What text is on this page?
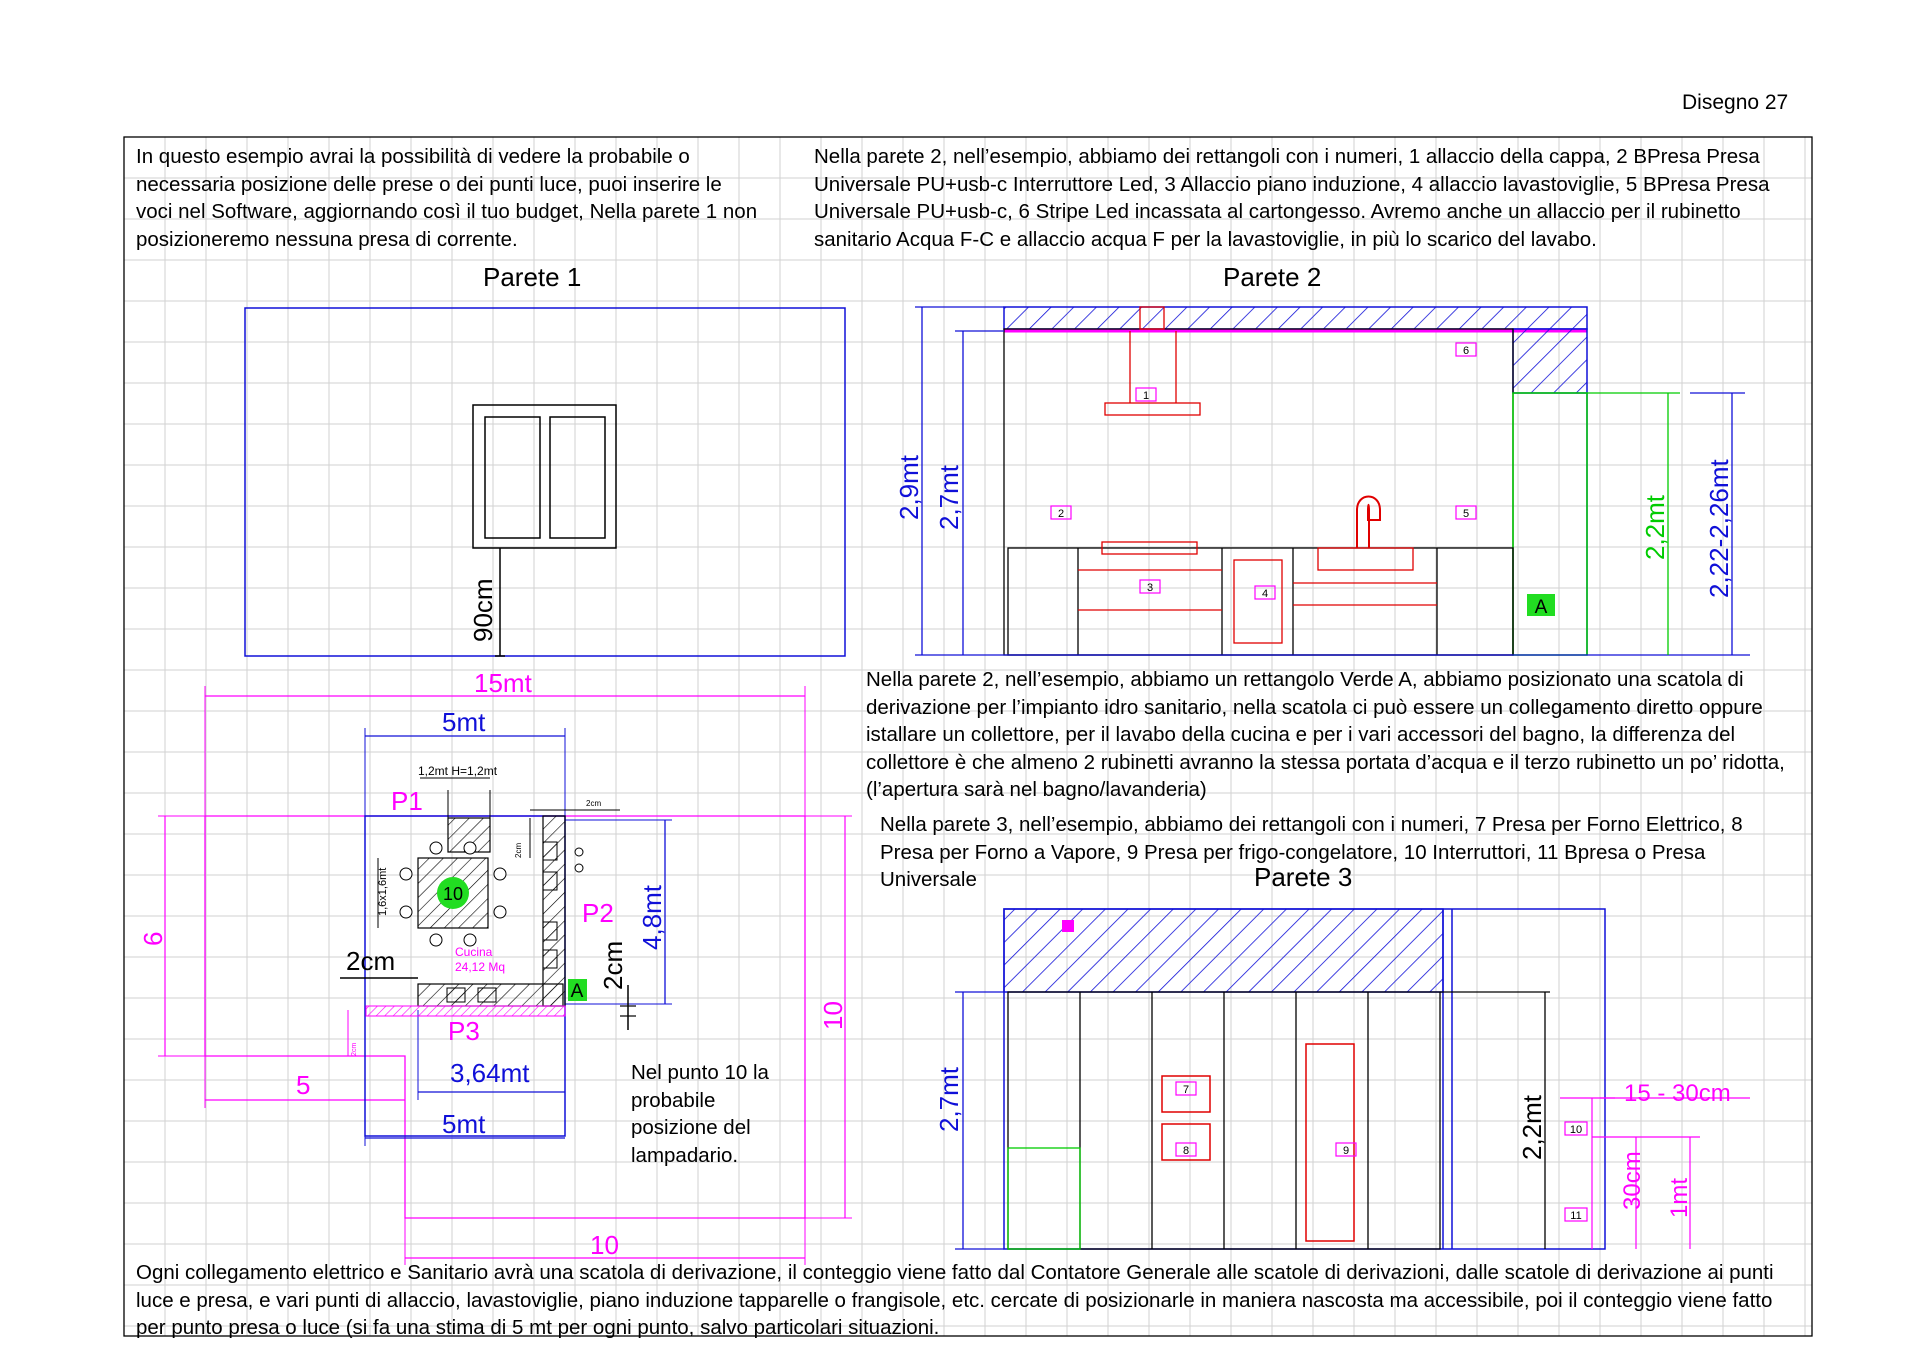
Parete 1
90cm
Parete 2
2,9mt 2,7mt	2,2mt 2,22-2,26mt
1
2
3	4
5
6
A
Parete 3
2,7mt	2,2mt
15 - 30cm
30cm 1mt
7
8	9
10
11
15mt
5mt
1,2mt H=1,2mt
2cm
2cm
1,6x1,6mt	10
P1
P2
P3
4,8mt
Cucina
24,12 Mq
2cm	2cm
A
3,64mt
5mt
6
5
10
10
2cm
Disegno 27

In questo esempio avrai la possibilità di vedere la probabile o necessaria posizione delle prese o dei punti luce, puoi inserire le voci nel Software, aggiornando così il tuo budget, Nella parete 1 non posizioneremo nessuna presa di corrente.

Nella parete 2, nell’esempio, abbiamo dei rettangoli con i numeri, 1 allaccio della cappa, 2 BPresa Presa Universale PU+usb-c Interruttore Led, 3 Allaccio piano induzione, 4 allaccio lavastoviglie, 5 BPresa Presa Universale PU+usb-c, 6 Stripe Led incassata al cartongesso. Avremo anche un allaccio per il rubinetto sanitario Acqua F-C e allaccio acqua F per la lavastoviglie, in più lo scarico del lavabo.

Nella parete 2, nell’esempio, abbiamo un rettangolo Verde A, abbiamo posizionato una scatola di derivazione per l’impianto idro sanitario, nella scatola ci può essere un collegamento diretto oppure istallare un collettore, per il lavabo della cucina e per i vari accessori del bagno, la differenza del collettore è che almeno 2 rubinetti avranno la stessa portata d’acqua e il terzo rubinetto un po’ ridotta, (l’apertura sarà nel bagno/lavanderia)

Nella parete 3, nell’esempio, abbiamo dei rettangoli con i numeri, 7 Presa per Forno Elettrico, 8 Presa per Forno a Vapore, 9 Presa per frigo-congelatore, 10 Interruttori, 11 Bpresa o Presa Universale

Nel punto 10 la probabile posizione del lampadario.

Ogni collegamento elettrico e Sanitario avrà una scatola di derivazione, il conteggio viene fatto dal Contatore Generale alle scatole di derivazioni, dalle scatole di derivazione ai punti luce e presa, e vari punti di allaccio, lavastoviglie, piano induzione tapparelle o frangisole, etc. cercate di posizionarle in maniera nascosta ma accessibile, poi il conteggio viene fatto per punto presa o luce (si fa una stima di 5 mt per ogni punto, salvo particolari situazioni.
